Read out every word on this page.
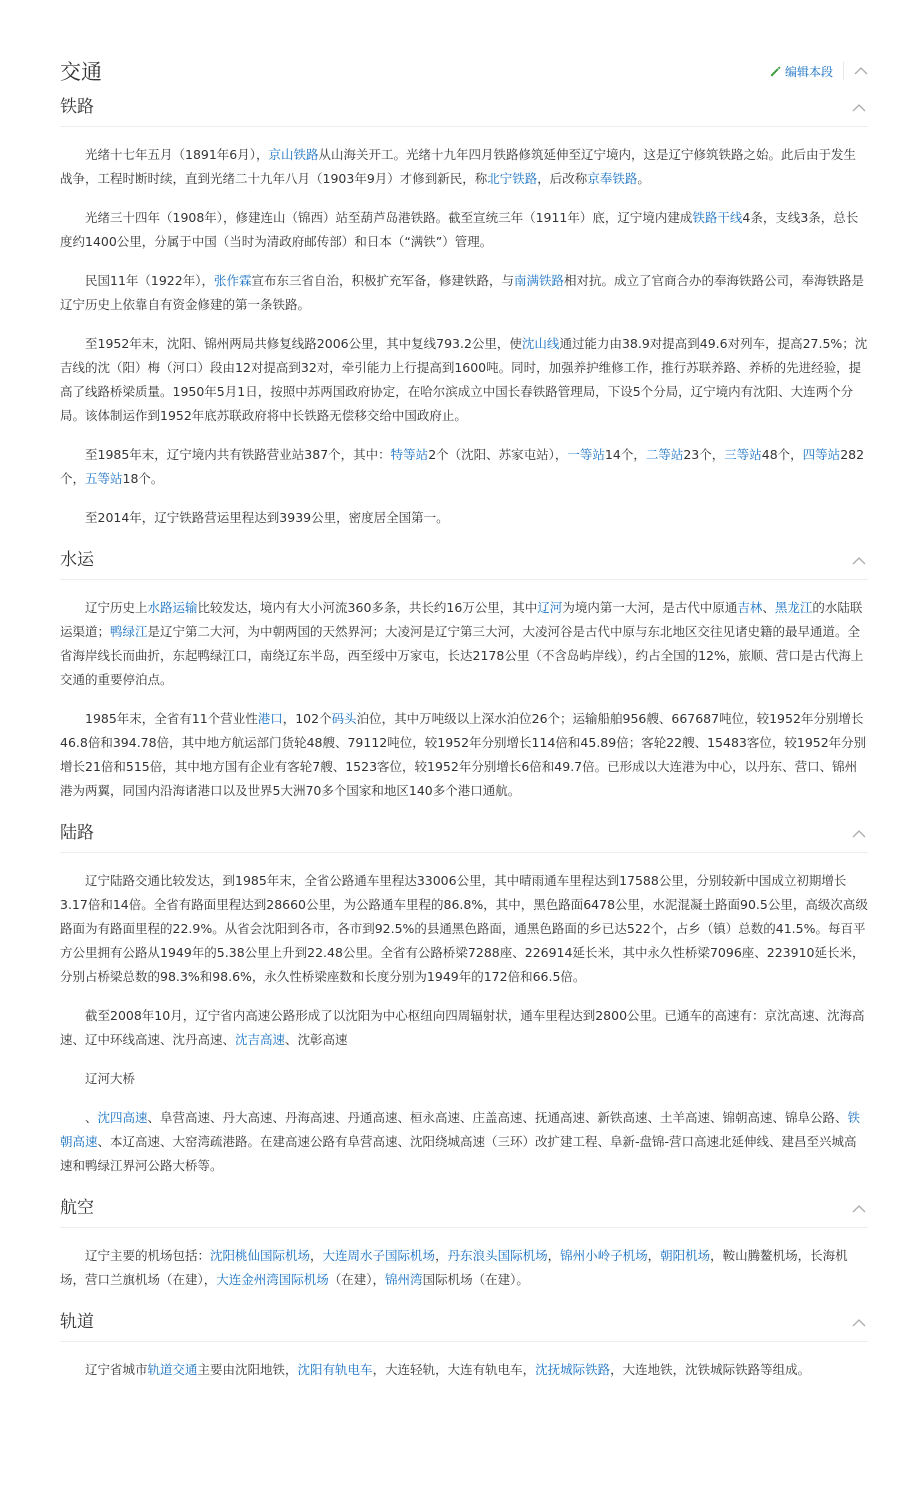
交通	编辑本段
铁路

光绪十七年五月（1891年6月），京山铁路从山海关开工。光绪十九年四月铁路修筑延伸至辽宁境内，这是辽宁修筑铁路之始。此后由于发生战争，工程时断时续，直到光绪二十九年八月（1903年9月）才修到新民，称北宁铁路，后改称京奉铁路。

光绪三十四年（1908年），修建连山（锦西）站至葫芦岛港铁路。截至宣统三年（1911年）底，辽宁境内建成铁路干线4条，支线3条，总长度约1400公里，分属于中国（当时为清政府邮传部）和日本（“满铁”）管理。

民国11年（1922年），张作霖宣布东三省自治，积极扩充军备，修建铁路，与南满铁路相对抗。成立了官商合办的奉海铁路公司，奉海铁路是辽宁历史上依靠自有资金修建的第一条铁路。

至1952年末，沈阳、锦州两局共修复线路2006公里，其中复线793.2公里，使沈山线通过能力由38.9对提高到49.6对列车，提高27.5%；沈吉线的沈（阳）梅（河口）段由12对提高到32对，牵引能力上行提高到1600吨。同时，加强养护维修工作，推行苏联养路、养桥的先进经验，提高了线路桥梁质量。1950年5月1日，按照中苏两国政府协定，在哈尔滨成立中国长春铁路管理局，下设5个分局，辽宁境内有沈阳、大连两个分局。该体制运作到1952年底苏联政府将中长铁路无偿移交给中国政府止。

至1985年末，辽宁境内共有铁路营业站387个，其中：特等站2个（沈阳、苏家屯站），一等站14个，二等站23个，三等站48个，四等站282个，五等站18个。

至2014年，辽宁铁路营运里程达到3939公里，密度居全国第一。

水运

辽宁历史上水路运输比较发达，境内有大小河流360多条，共长约16万公里，其中辽河为境内第一大河，是古代中原通吉林、黑龙江的水陆联运渠道；鸭绿江是辽宁第二大河，为中朝两国的天然界河；大凌河是辽宁第三大河，大凌河谷是古代中原与东北地区交往见诸史籍的最早通道。全省海岸线长而曲折，东起鸭绿江口，南绕辽东半岛，西至绥中万家屯，长达2178公里（不含岛屿岸线），约占全国的12%，旅顺、营口是古代海上交通的重要停泊点。

1985年末，全省有11个营业性港口，102个码头泊位，其中万吨级以上深水泊位26个；运输船舶956艘、667687吨位，较1952年分别增长46.8倍和394.78倍，其中地方航运部门货轮48艘、79112吨位，较1952年分别增长114倍和45.89倍；客轮22艘、15483客位，较1952年分别增长21倍和515倍，其中地方国有企业有客轮7艘、1523客位，较1952年分别增长6倍和49.7倍。已形成以大连港为中心，以丹东、营口、锦州港为两翼，同国内沿海诸港口以及世界5大洲70多个国家和地区140多个港口通航。

陆路

辽宁陆路交通比较发达，到1985年末，全省公路通车里程达33006公里，其中晴雨通车里程达到17588公里，分别较新中国成立初期增长3.17倍和14倍。全省有路面里程达到28660公里，为公路通车里程的86.8%，其中，黑色路面6478公里，水泥混凝土路面90.5公里，高级次高级路面为有路面里程的22.9%。从省会沈阳到各市，各市到92.5%的县通黑色路面，通黑色路面的乡已达522个，占乡（镇）总数的41.5%。每百平方公里拥有公路从1949年的5.38公里上升到22.48公里。全省有公路桥梁7288座、226914延长米，其中永久性桥梁7096座、223910延长米，分别占桥梁总数的98.3%和98.6%，永久性桥梁座数和长度分别为1949年的172倍和66.5倍。

截至2008年10月，辽宁省内高速公路形成了以沈阳为中心枢纽向四周辐射状，通车里程达到2800公里。已通车的高速有：京沈高速、沈海高速、辽中环线高速、沈丹高速、沈吉高速、沈彰高速

辽河大桥

、沈四高速、阜营高速、丹大高速、丹海高速、丹通高速、桓永高速、庄盖高速、抚通高速、新铁高速、土羊高速、锦朝高速、锦阜公路、铁朝高速、本辽高速、大窑湾疏港路。在建高速公路有阜营高速、沈阳绕城高速（三环）改扩建工程、阜新-盘锦-营口高速北延伸线、建昌至兴城高速和鸭绿江界河公路大桥等。

航空

辽宁主要的机场包括：沈阳桃仙国际机场，大连周水子国际机场，丹东浪头国际机场，锦州小岭子机场，朝阳机场，鞍山腾鳌机场，长海机场，营口兰旗机场（在建），大连金州湾国际机场（在建），锦州湾国际机场（在建）。

轨道

辽宁省城市轨道交通主要由沈阳地铁，沈阳有轨电车，大连轻轨，大连有轨电车，沈抚城际铁路，大连地铁，沈铁城际铁路等组成。
